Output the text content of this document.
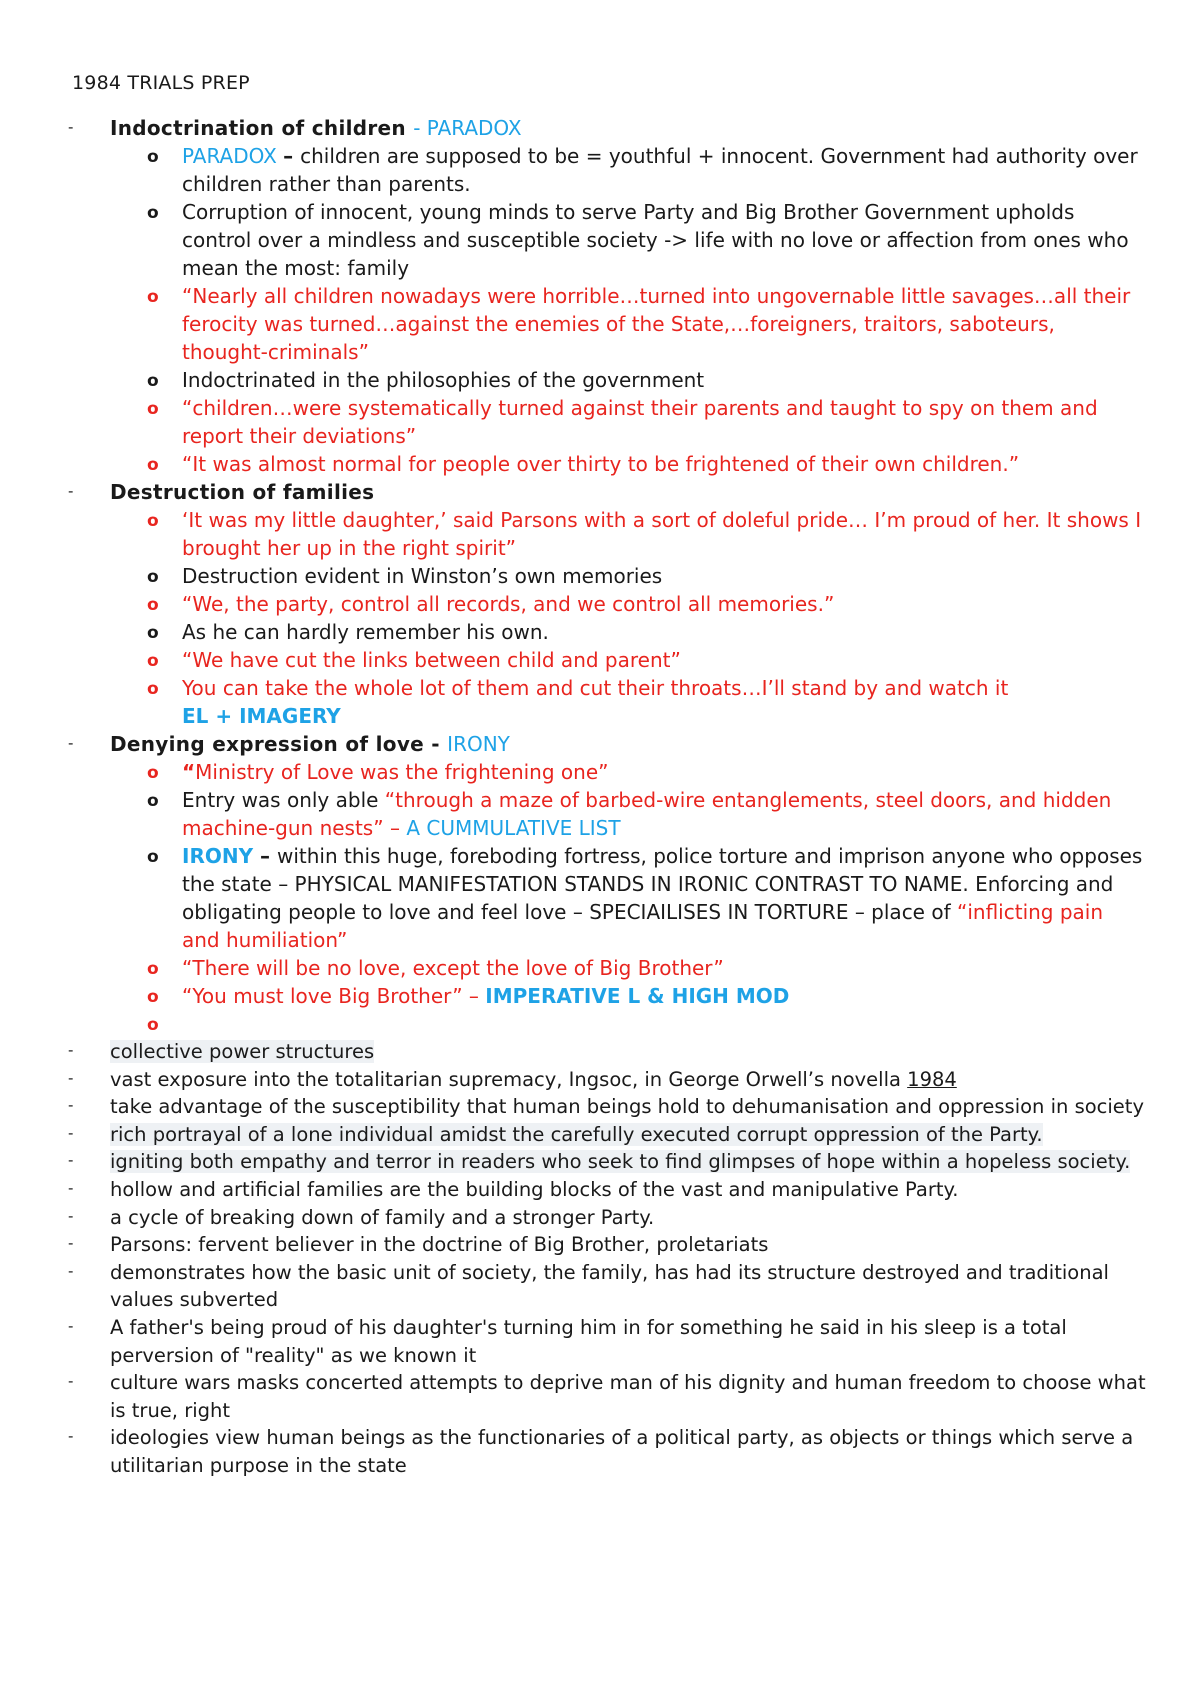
1984 TRIALS PREP
- Indoctrination of children - PARADOX
o PARADOX – children are supposed to be = youthful + innocent. Government had authority over children rather than parents.
o Corruption of innocent, young minds to serve Party and Big Brother Government upholds control over a mindless and susceptible society -> life with no love or affection from ones who mean the most: family
o “Nearly all children nowadays were horrible…turned into ungovernable little savages…all their ferocity was turned…against the enemies of the State,…foreigners, traitors, saboteurs, thought-criminals”
o Indoctrinated in the philosophies of the government
o “children…were systematically turned against their parents and taught to spy on them and report their deviations”
o “It was almost normal for people over thirty to be frightened of their own children.”
- Destruction of families
o ‘It was my little daughter,’ said Parsons with a sort of doleful pride… I’m proud of her. It shows I brought her up in the right spirit”
o Destruction evident in Winston’s own memories
o “We, the party, control all records, and we control all memories.”
o As he can hardly remember his own.
o “We have cut the links between child and parent”
o You can take the whole lot of them and cut their throats…I’ll stand by and watch it
EL + IMAGERY
- Denying expression of love - IRONY
o “Ministry of Love was the frightening one”
o Entry was only able “through a maze of barbed-wire entanglements, steel doors, and hidden machine-gun nests” – A CUMMULATIVE LIST
o IRONY – within this huge, foreboding fortress, police torture and imprison anyone who opposes the state – PHYSICAL MANIFESTATION STANDS IN IRONIC CONTRAST TO NAME. Enforcing and obligating people to love and feel love – SPECIAILISES IN TORTURE – place of “inflicting pain and humiliation”
o “There will be no love, except the love of Big Brother”
o “You must love Big Brother” – IMPERATIVE L & HIGH MOD
o
- collective power structures
- vast exposure into the totalitarian supremacy, Ingsoc, in George Orwell’s novella 1984
- take advantage of the susceptibility that human beings hold to dehumanisation and oppression in society
- rich portrayal of a lone individual amidst the carefully executed corrupt oppression of the Party.
- igniting both empathy and terror in readers who seek to find glimpses of hope within a hopeless society.
- hollow and artificial families are the building blocks of the vast and manipulative Party.
- a cycle of breaking down of family and a stronger Party.
- Parsons: fervent believer in the doctrine of Big Brother, proletariats
- demonstrates how the basic unit of society, the family, has had its structure destroyed and traditional values subverted
- A father's being proud of his daughter's turning him in for something he said in his sleep is a total perversion of "reality" as we known it
- culture wars masks concerted attempts to deprive man of his dignity and human freedom to choose what is true, right
- ideologies view human beings as the functionaries of a political party, as objects or things which serve a utilitarian purpose in the state
